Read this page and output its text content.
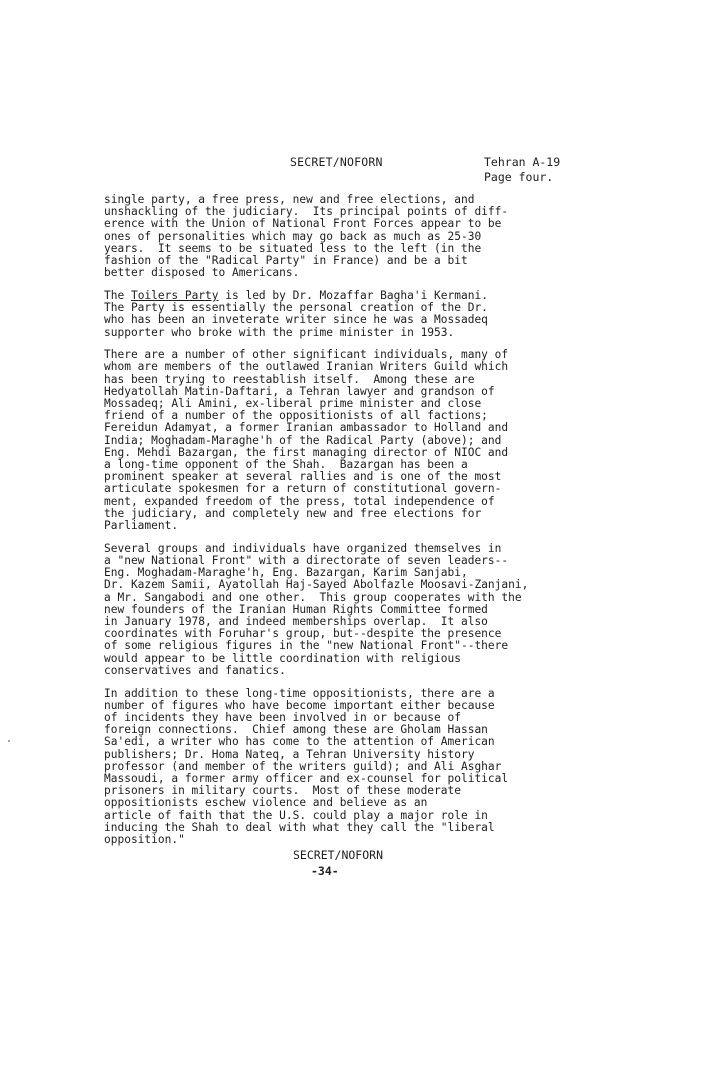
SECRET/NOFORN	Tehran A-19
Page four.
single party, a free press, new and free elections, and
unshackling of the judiciary.  Its principal points of diff-
erence with the Union of National Front Forces appear to be
ones of personalities which may go back as much as 25-30
years.  It seems to be situated less to the left (in the
fashion of the "Radical Party" in France) and be a bit
better disposed to Americans.
The Toilers Party is led by Dr. Mozaffar Bagha'i Kermani.
The Party is essentially the personal creation of the Dr.
who has been an inveterate writer since he was a Mossadeq
supporter who broke with the prime minister in 1953.
There are a number of other significant individuals, many of
whom are members of the outlawed Iranian Writers Guild which
has been trying to reestablish itself.  Among these are
Hedyatollah Matin-Daftari, a Tehran lawyer and grandson of
Mossadeq; Ali Amini, ex-liberal prime minister and close
friend of a number of the oppositionists of all factions;
Fereidun Adamyat, a former Iranian ambassador to Holland and
India; Moghadam-Maraghe'h of the Radical Party (above); and
Eng. Mehdi Bazargan, the first managing director of NIOC and
a long-time opponent of the Shah.  Bazargan has been a
prominent speaker at several rallies and is one of the most
articulate spokesmen for a return of constitutional govern-
ment, expanded freedom of the press, total independence of
the judiciary, and completely new and free elections for
Parliament.
Several groups and individuals have organized themselves in
a "new National Front" with a directorate of seven leaders--
Eng. Moghadam-Maraghe'h, Eng. Bazargan, Karim Sanjabi,
Dr. Kazem Samii, Ayatollah Haj-Sayed Abolfazle Moosavi-Zanjani,
a Mr. Sangabodi and one other.  This group cooperates with the
new founders of the Iranian Human Rights Committee formed
in January 1978, and indeed memberships overlap.  It also
coordinates with Foruhar's group, but--despite the presence
of some religious figures in the "new National Front"--there
would appear to be little coordination with religious
conservatives and fanatics.
In addition to these long-time oppositionists, there are a
number of figures who have become important either because
of incidents they have been involved in or because of
foreign connections.  Chief among these are Gholam Hassan
Sa'edi, a writer who has come to the attention of American
publishers; Dr. Homa Nateq, a Tehran University history
professor (and member of the writers guild); and Ali Asghar
Massoudi, a former army officer and ex-counsel for political
prisoners in military courts.  Most of these moderate
oppositionists eschew violence and believe as an
article of faith that the U.S. could play a major role in
inducing the Shah to deal with what they call the "liberal
opposition."
SECRET/NOFORN
-34-
